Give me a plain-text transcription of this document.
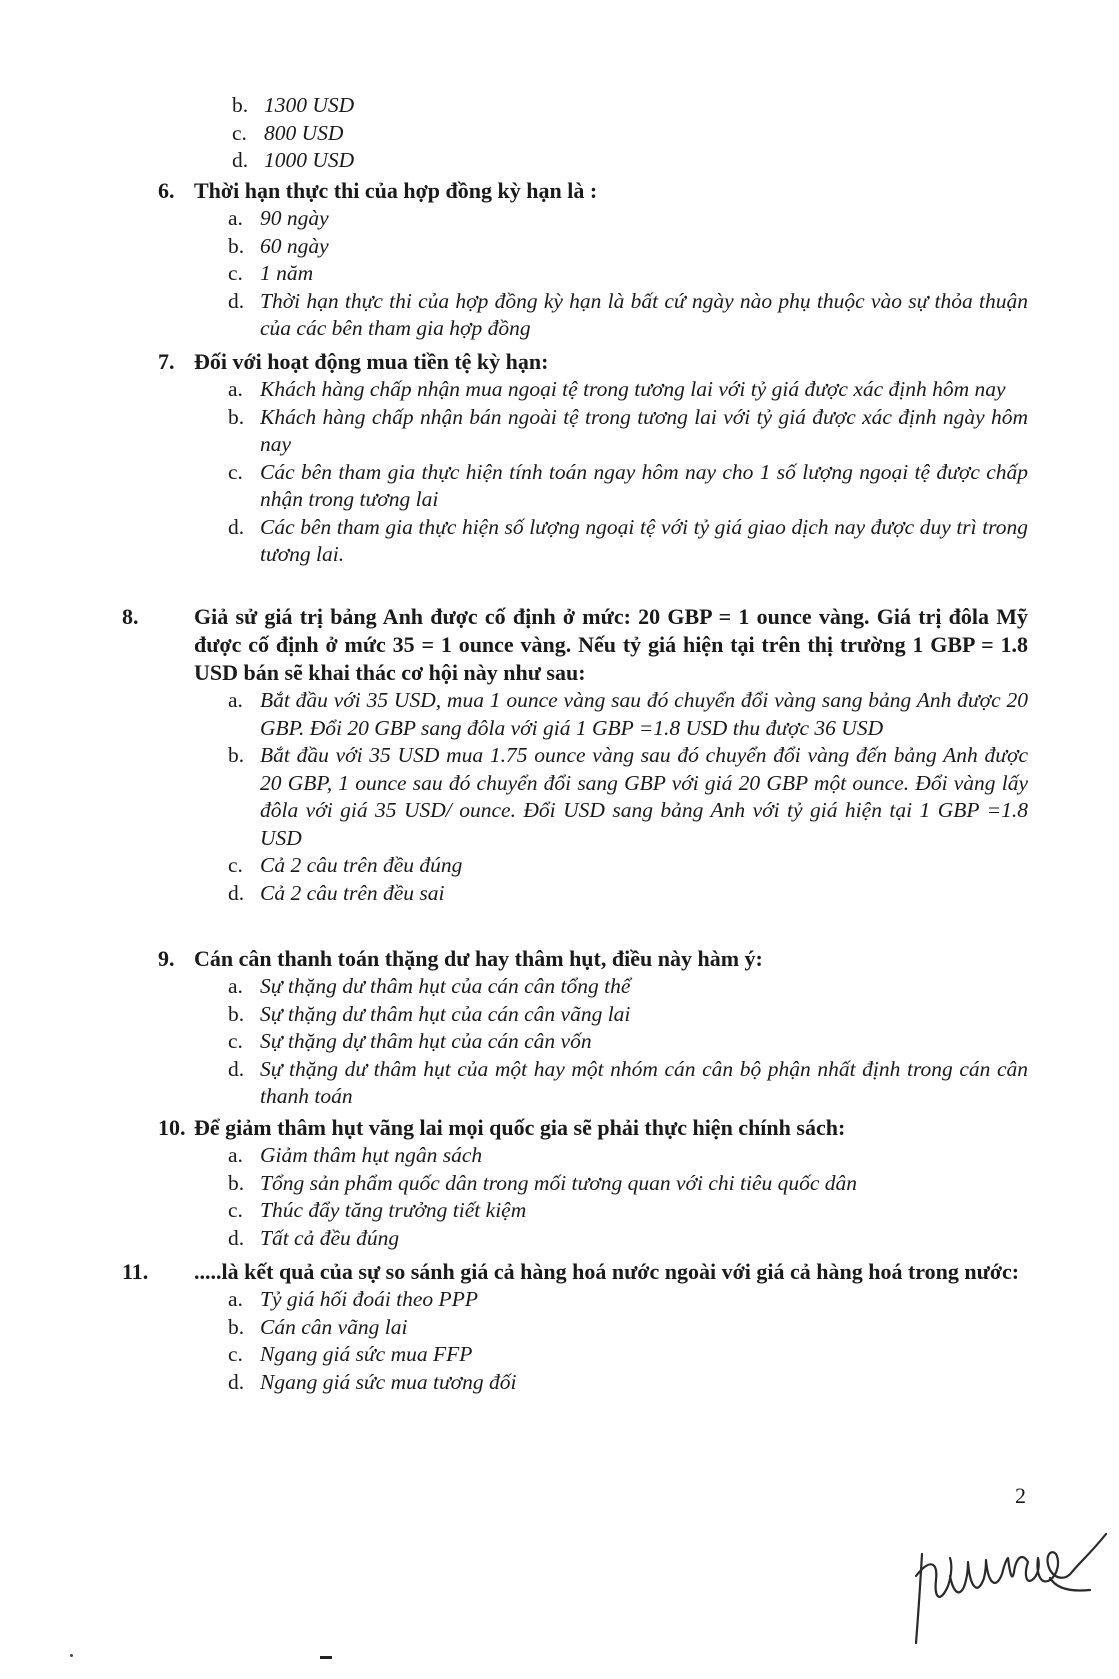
b. 1300 USD
c. 800 USD
d. 1000 USD
6. Thời hạn thực thi của hợp đồng kỳ hạn là :
a. 90 ngày
b. 60 ngày
c. 1 năm
d. Thời hạn thực thi của hợp đồng kỳ hạn là bất cứ ngày nào phụ thuộc vào sự thỏa thuận của các bên tham gia hợp đồng
7. Đối với hoạt động mua tiền tệ kỳ hạn:
a. Khách hàng chấp nhận mua ngoại tệ trong tương lai với tỷ giá được xác định hôm nay
b. Khách hàng chấp nhận bán ngoài tệ trong tương lai với tỷ giá được xác định ngày hôm nay
c. Các bên tham gia thực hiện tính toán ngay hôm nay cho 1 số lượng ngoại tệ được chấp nhận trong tương lai
d. Các bên tham gia thực hiện số lượng ngoại tệ với tỷ giá giao dịch nay được duy trì trong tương lai.
8.	Giả sử giá trị bảng Anh được cố định ở mức: 20 GBP = 1 ounce vàng. Giá trị đôla Mỹ được cố định ở mức 35 = 1 ounce vàng. Nếu tỷ giá hiện tại trên thị trường 1 GBP = 1.8 USD bán sẽ khai thác cơ hội này như sau:
a. Bắt đầu với 35 USD, mua 1 ounce vàng sau đó chuyển đổi vàng sang bảng Anh được 20 GBP. Đổi 20 GBP sang đôla với giá 1 GBP =1.8 USD thu được 36 USD
b. Bắt đầu với 35 USD mua 1.75 ounce vàng sau đó chuyển đổi vàng đến bảng Anh được 20 GBP, 1 ounce sau đó chuyển đổi sang GBP với giá 20 GBP một ounce. Đổi vàng lấy đôla với giá 35 USD/ ounce. Đổi USD sang bảng Anh với tỷ giá hiện tại 1 GBP =1.8 USD
c. Cả 2 câu trên đều đúng
d. Cả 2 câu trên đều sai
9. Cán cân thanh toán thặng dư hay thâm hụt, điều này hàm ý:
a. Sự thặng dư thâm hụt của cán cân tổng thể
b. Sự thặng dư thâm hụt của cán cân vãng lai
c. Sự thặng dự thâm hụt của cán cân vốn
d. Sự thặng dư thâm hụt của một hay một nhóm cán cân bộ phận nhất định trong cán cân thanh toán
10. Để giảm thâm hụt vãng lai mọi quốc gia sẽ phải thực hiện chính sách:
a. Giảm thâm hụt ngân sách
b. Tổng sản phẩm quốc dân trong mối tương quan với chi tiêu quốc dân
c. Thúc đẩy tăng trưởng tiết kiệm
d. Tất cả đều đúng
11. .....là kết quả của sự so sánh giá cả hàng hoá nước ngoài với giá cả hàng hoá trong nước:
a. Tỷ giá hối đoái theo PPP
b. Cán cân vãng lai
c. Ngang giá sức mua FFP
d. Ngang giá sức mua tương đối
2
